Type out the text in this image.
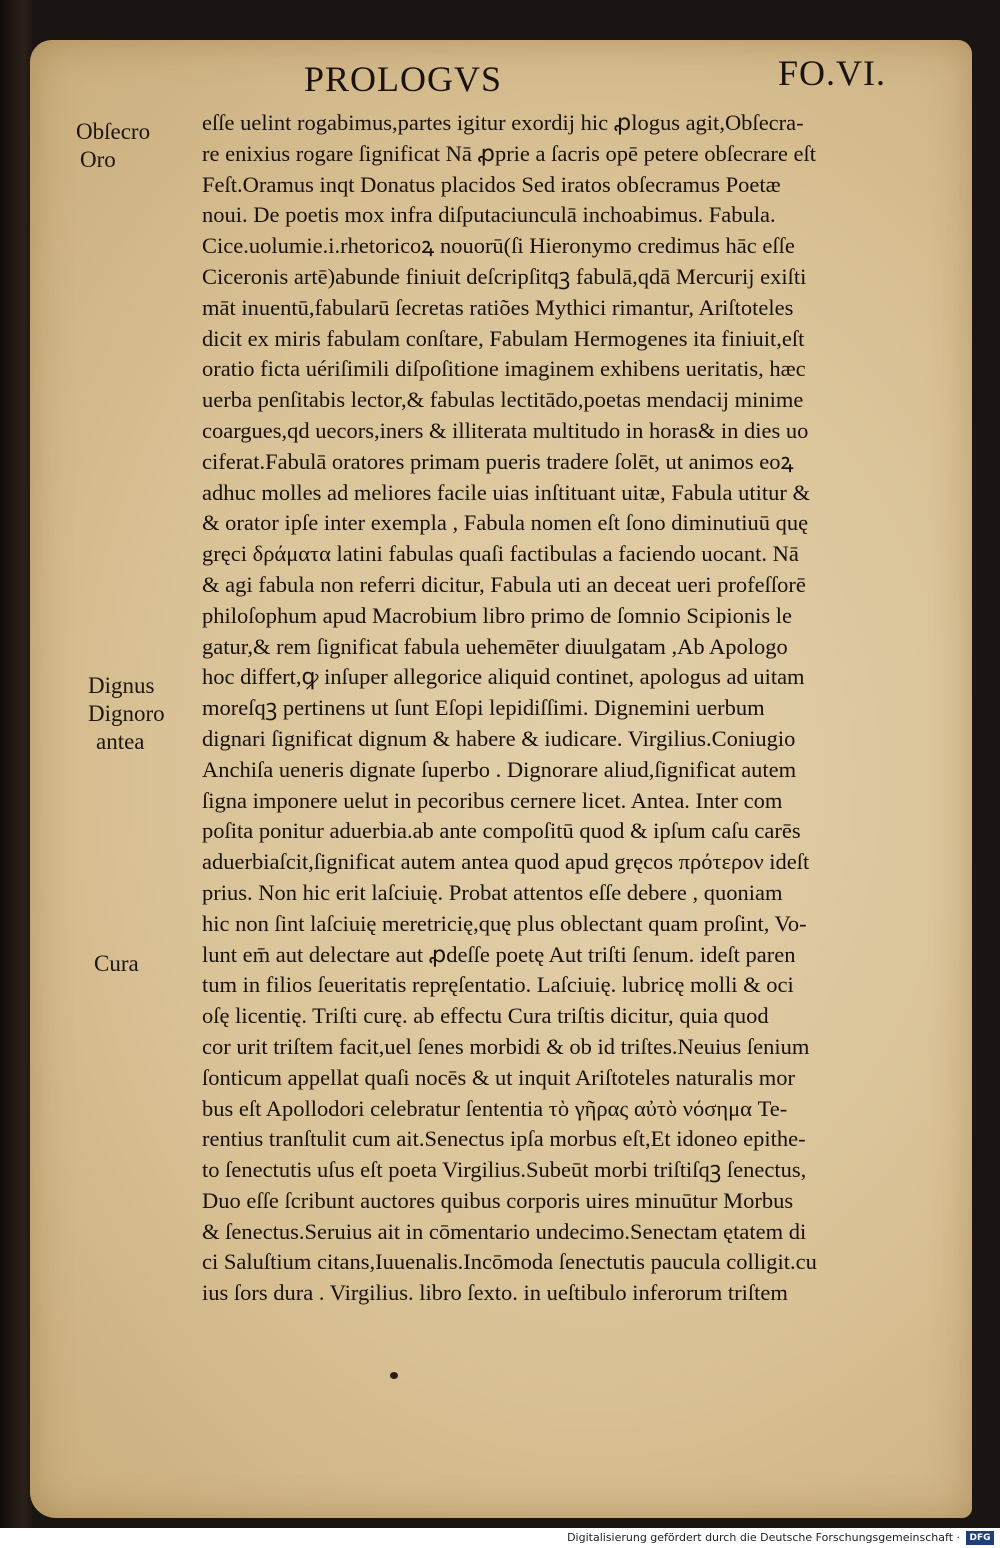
PROLOGVS	FO.VI.
Obſecro
Oro
Dignus
Dignoro
antea
Cura
eſſe uelint rogabimus,partes igitur exordij hic ꝓlogus agit,Obſecra-
re enixius rogare ſignificat Nā ꝓprie a ſacris opē petere obſecrare eſt
Feſt.Oramus inqt Donatus placidos Sed iratos obſecramus Poetæ
noui. De poetis mox infra diſputaciunculā inchoabimus. Fabula.
Cice.uolumie.i.rhetoricoꝝ nouorū(ſi Hieronymo credimus hāc eſſe
Ciceronis artē)abunde finiuit deſcripſitqꝫ fabulā,qdā Mercurij exiſti
māt inuentū,fabularū ſecretas ratiões Mythici rimantur, Ariſtoteles
dicit ex miris fabulam conſtare, Fabulam Hermogenes ita finiuit,eſt
oratio ficta uériſimili diſpoſitione imaginem exhibens ueritatis, hæc
uerba penſitabis lector,& fabulas lectitādo,poetas mendacij minime
coargues,qd uecors,iners & illiterata multitudo in horas& in dies uo
ciferat.Fabulā oratores primam pueris tradere ſolēt, ut animos eoꝝ
adhuc molles ad meliores facile uias inſtituant uitæ, Fabula utitur &
& orator ipſe inter exempla , Fabula nomen eſt ſono diminutiuū quę
gręci δράματα latini fabulas quaſi factibulas a faciendo uocant. Nā
& agi fabula non referri dicitur, Fabula uti an deceat ueri profeſſorē
philoſophum apud Macrobium libro primo de ſomnio Scipionis le
gatur,& rem ſignificat fabula uehemēter diuulgatam ,Ab Apologo
hoc differt,ꝙ inſuper allegorice aliquid continet, apologus ad uitam
moreſqꝫ pertinens ut ſunt Eſopi lepidiſſimi. Dignemini uerbum
dignari ſignificat dignum & habere & iudicare. Virgilius.Coniugio
Anchiſa ueneris dignate ſuperbo . Dignorare aliud,ſignificat autem
ſigna imponere uelut in pecoribus cernere licet. Antea. Inter com
poſita ponitur aduerbia.ab ante compoſitū quod & ipſum caſu carēs
aduerbiaſcit,ſignificat autem antea quod apud gręcos πρότερον ideſt
prius. Non hic erit laſciuię. Probat attentos eſſe debere , quoniam
hic non ſint laſciuię meretricię,quę plus oblectant quam proſint, Vo-
lunt em̄ aut delectare aut ꝓdeſſe poetę Aut triſti ſenum. ideſt paren
tum in filios ſeueritatis repręſentatio. Laſciuię. lubricę molli & oci
oſę licentię. Triſti curę. ab effectu Cura triſtis dicitur, quia quod
cor urit triſtem facit,uel ſenes morbidi & ob id triſtes.Neuius ſenium
ſonticum appellat quaſi nocēs & ut inquit Ariſtoteles naturalis mor
bus eſt Apollodori celebratur ſententia τὸ γῆρας αὐτὸ νόσημα Te-
rentius tranſtulit cum ait.Senectus ipſa morbus eſt,Et idoneo epithe-
to ſenectutis uſus eſt poeta Virgilius.Subeūt morbi triſtiſqꝫ ſenectus,
Duo eſſe ſcribunt auctores quibus corporis uires minuūtur Morbus
& ſenectus.Seruius ait in cōmentario undecimo.Senectam ętatem di
ci Saluſtium citans,Iuuenalis.Incōmoda ſenectutis paucula colligit.cu
ius ſors dura . Virgilius. libro ſexto. in ueſtibulo inferorum triſtem
Digitalisierung gefördert durch die Deutsche Forschungsgemeinschaft ·	DFG
